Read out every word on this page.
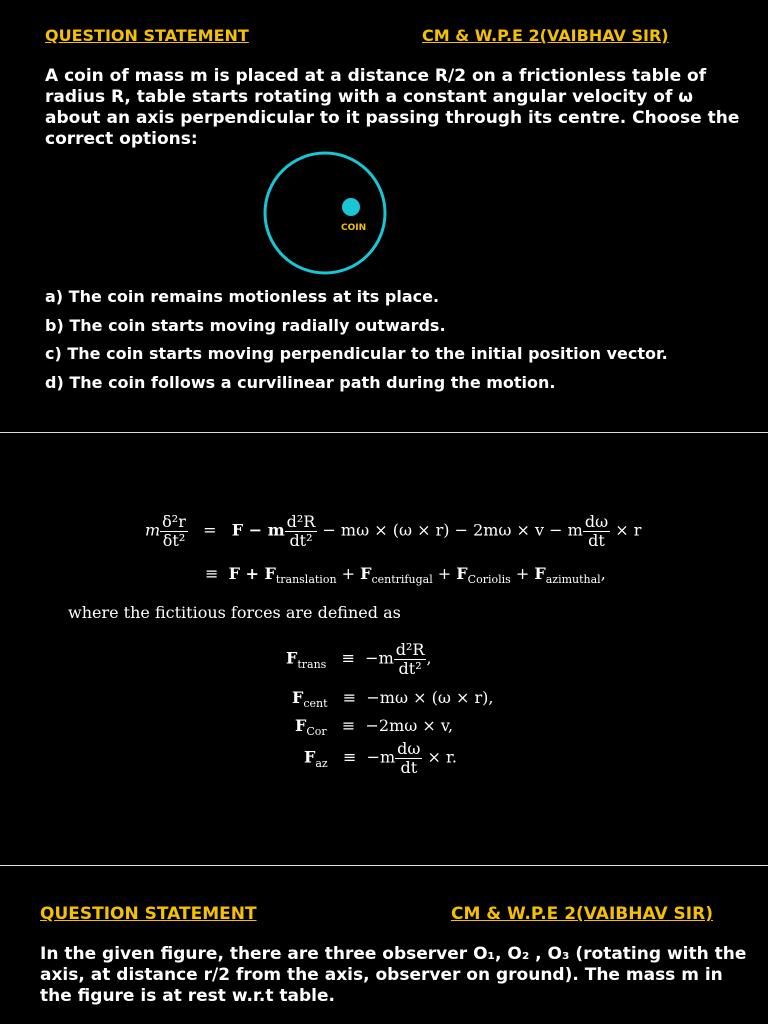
QUESTION STATEMENT	CM & W.P.E 2(VAIBHAV SIR)
A coin of mass m is placed at a distance R/2 on a frictionless table of
radius R, table starts rotating with a constant angular velocity of ω
about an axis perpendicular to it passing through its centre. Choose the
correct options:
COIN
a) The coin remains motionless at its place.
b) The coin starts moving radially outwards.
c) The coin starts moving perpendicular to the initial position vector.
d) The coin follows a curvilinear path during the motion.
m $\frac{\text{δ²r}}{\text{δt²}} = F - m \frac{\text{d²R}}{\text{dt²}} - m\omega \times (\omega \times r) - 2m\omega \times v - m \frac{d\omega}{dt} \times r$
≡  $F + F_{translation} + F_{centrifugal} + F_{Coriolis} + F_{azimuthal}$,
where the fictitious forces are defined as
$F_{trans} \equiv -m \frac{\text{d²R}}{\text{dt²}}$ ,
$F_{cent} \equiv -m\omega \times (\omega \times r)$,
$F_{Cor} \equiv -2m\omega \times v$,
$F_{az} \equiv -m \frac{d\omega}{dt} \times r$.
QUESTION STATEMENT	CM & W.P.E 2(VAIBHAV SIR)
In the given figure, there are three observer O₁, O₂ , O₃ (rotating with the
axis, at distance r/2 from the axis, observer on ground). The mass m in
the figure is at rest w.r.t table.
